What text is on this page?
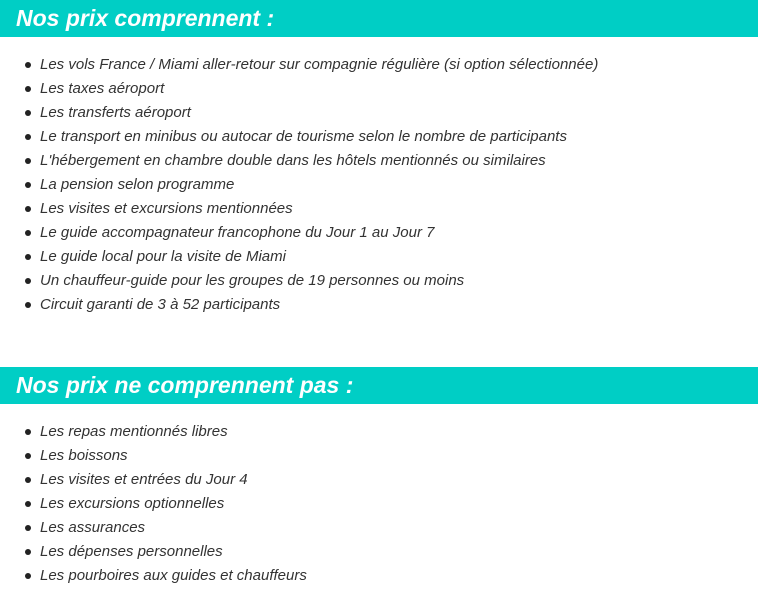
Nos prix comprennent :
Les vols France / Miami aller-retour sur compagnie régulière (si option sélectionnée)
Les taxes aéroport
Les transferts aéroport
Le transport en minibus ou autocar de tourisme selon le nombre de participants
L'hébergement en chambre double dans les hôtels mentionnés ou similaires
La pension selon programme
Les visites et excursions mentionnées
Le guide accompagnateur francophone du Jour 1 au Jour 7
Le guide local pour la visite de Miami
Un chauffeur-guide pour les groupes de 19 personnes ou moins
Circuit garanti de 3 à 52 participants
Nos prix ne comprennent pas :
Les repas mentionnés libres
Les boissons
Les visites et entrées du Jour 4
Les excursions optionnelles
Les assurances
Les dépenses personnelles
Les pourboires aux guides et chauffeurs
